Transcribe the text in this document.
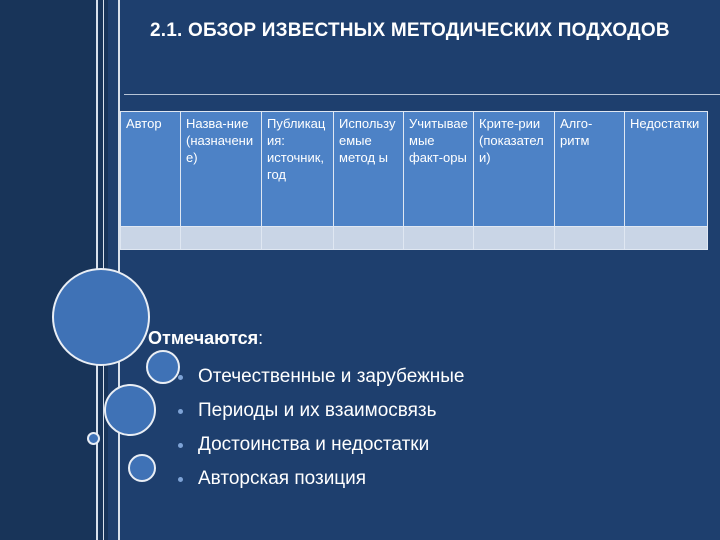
2.1. ОБЗОР ИЗВЕСТНЫХ МЕТОДИЧЕСКИХ ПОДХОДОВ
Автор	Назва-ние (назначение)	Публикация: источник, год	Используемые метод ы	Учитываемые факт-оры	Крите-рии (показатели)	Алго-ритм	Недостатки

Отмечаются:
Отечественные и зарубежные
Периоды и их взаимосвязь
Достоинства и недостатки
Авторская позиция
